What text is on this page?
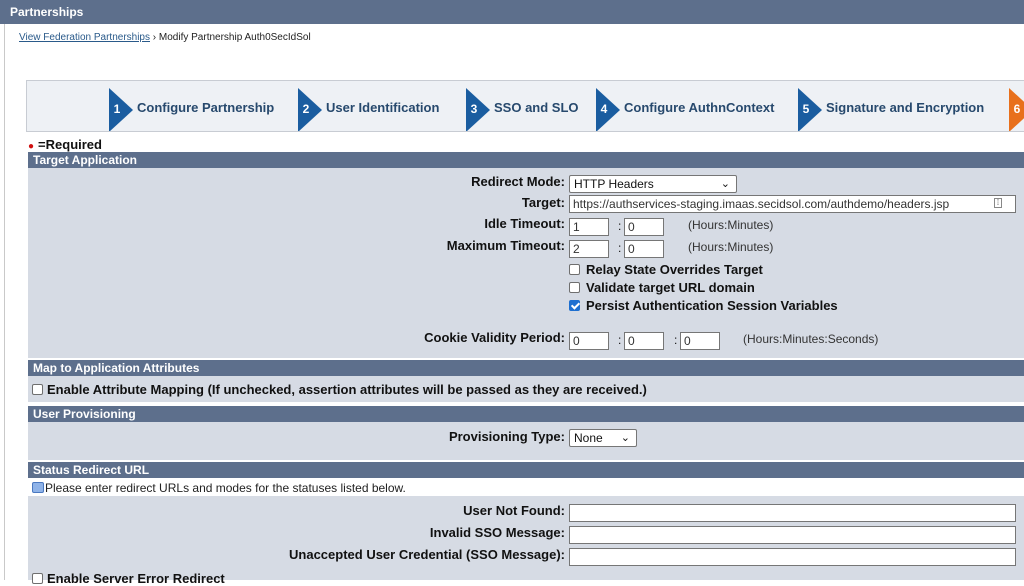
Partnerships
View Federation Partnerships › Modify Partnership Auth0SecIdSol
1	Configure Partnership	2	User Identification	3	SSO and SLO	4	Configure AuthnContext	5	Signature and Encryption	6
● =Required
Target Application
Redirect Mode: HTTP Headers	⌄
Target: https://authservices-staging.imaas.secidsol.com/authdemo/headers.jsp	⁞
Idle Timeout: 1	: 0	(Hours:Minutes)
Maximum Timeout: 2	: 0	(Hours:Minutes)
Relay State Overrides Target
Validate target URL domain
Persist Authentication Session Variables
Cookie Validity Period: 0	: 0	: 0	(Hours:Minutes:Seconds)
Map to Application Attributes
Enable Attribute Mapping (If unchecked, assertion attributes will be passed as they are received.)
User Provisioning
Provisioning Type: None ⌄
Status Redirect URL
Please enter redirect URLs and modes for the statuses listed below.
User Not Found:
Invalid SSO Message:
Unaccepted User Credential (SSO Message):
Enable Server Error Redirect
